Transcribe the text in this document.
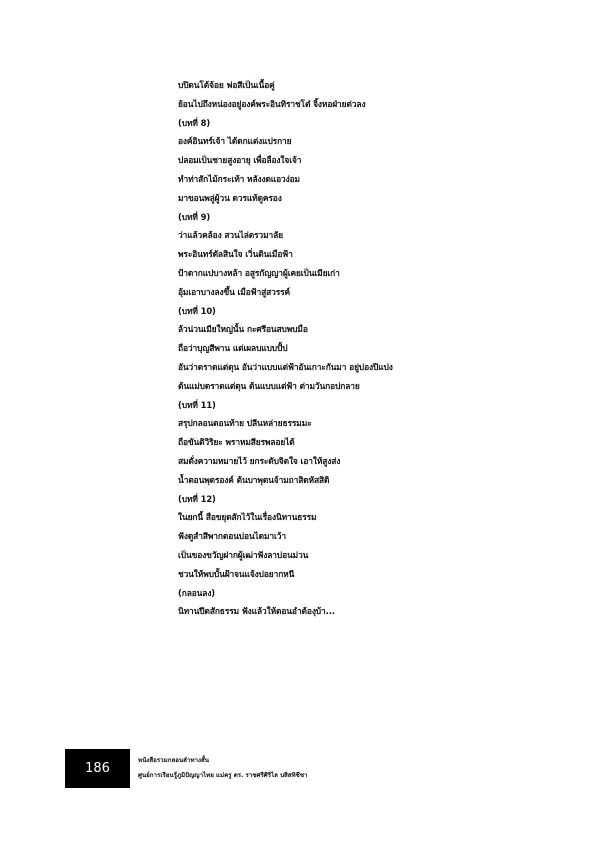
บปิดนโต้จ้อย ฟอสีเป็นเนื้อคู่
ย้อนไปถึงหน่องอยู่องค์พระอินทิราชโต๋ จิ้งหอฝ่ายต่วลง
(บทที่ 8)
องค์อินทร์เจ้า ได้ดกแต่งแปรกาย
ปลอมเป็นชายสูงอายุ เพื่อลืองใจเจ้า
ทำท่าสักไม้กระเท้า หลังงดแอวง่อม
มาขอนพลู่ผู้วน ดวรแท้ดูครอง
(บทที่ 9)
ว่าแล้วคล้อง สวนไล่ตรวมาลัย
พระอินทร์ดัลสินใจ เวิ่นดินเมือฟ้า
ป้าดากแปบางหล้า อสูรกัญญาผู้เคยเป็นเมียเก่า
อุ้มเอาบางลงขึ้น เมือฟ้าสู่สวรรค์
(บทที่ 10)
ล้วน่วนเมียใหญ่นั้น กะศรีอนสบพบมือ
ถือว่าบุญสีพาน แต่เผลบแบบปั้ป
อันว่าดราดแต่ดุน อันว่าแบบแต่ฟ้าอันเกาะกันมา อยู่บ่องปิแปง
ต้นแม่บดราดแต่ดุน ต้นแบบแต่ฟ้า ต่ามวันกอบ่กลาย
(บทที่ 11)
สรุปกลอนตอนท้าย ปลีนหล่ายธรรมมะ
ถือขันติวิริยะ พราหมสียรพลอยได้
สมดั่งความหมายไว้ ยกระดับจิตใจ เอาให้สูงส่ง
น้ำตอนพุดรองค์ ต้นบาพุดนจ้ามถาสิดหัสสิดิ
(บทที่ 12)
ในยกนี้ สือขยุดสักไว้ในเรื่องนิทานธรรม
ฟังดูสำสีพากตอนบ่อนไดมาเว้า
เป็นของขวัญฝากผู้เฒ่าฟังลาบ่อนม่วน
ชวนให้พบบั้นฝ้าจนแจ้งบ่อยากหนี
(กลอนลง)
นิทานปีดสักธรรม ฟังแล้วให้ตอนอำต้องุบ้า...
186
หนังสือรวมกลอนลำทางสั้น
ศูนย์การเรียนรู้ภูมิปัญญาไทย แม่ครู ดร. ราชศรีศิริไล บสิสทิชีชา
